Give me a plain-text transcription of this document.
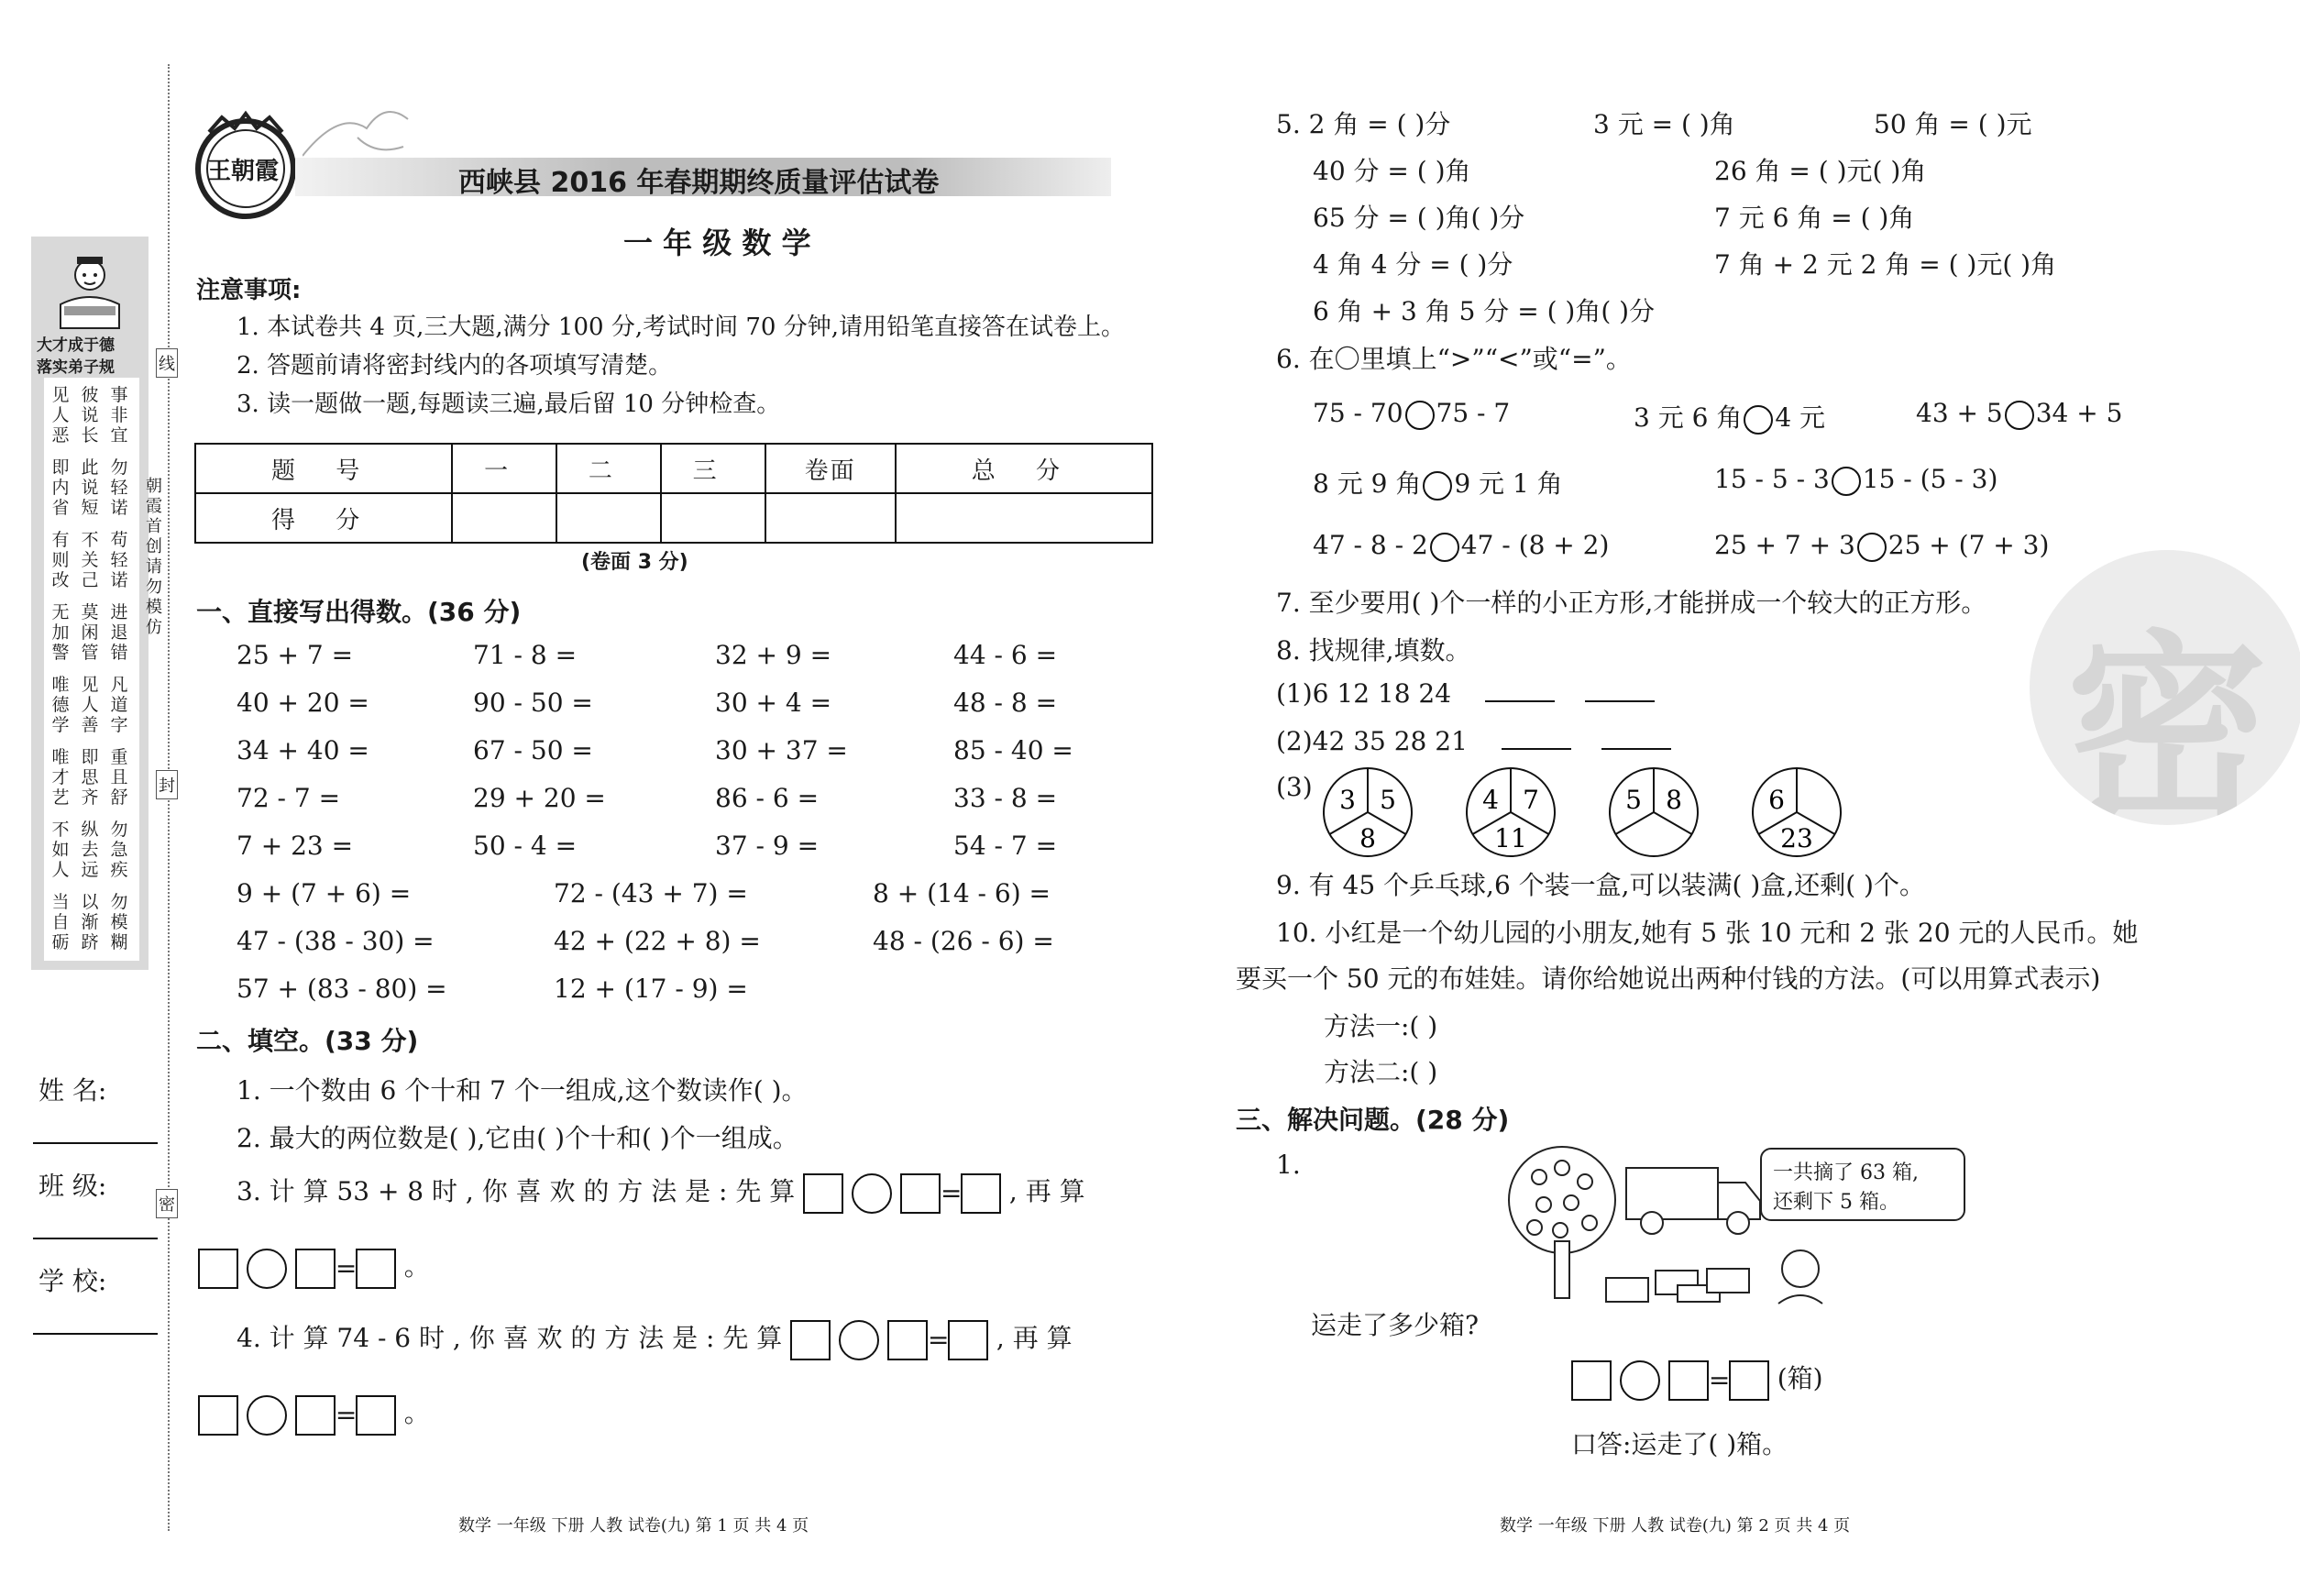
大才成于德
落实弟子规
见人恶
彼说长
事非宜
即内省
此说短
勿轻诺
有则改
不关己
苟轻诺
无加警
莫闲管
进退错
唯德学
见人善
凡道字
唯才艺
即思齐
重且舒
不如人
纵去远
勿急疾
当自砺
以渐跻
勿模糊
线
封
密
朝霞首创 请勿模仿
姓 名:
班 级:
学 校:
王朝霞	西峡县 2016 年春期期终质量评估试卷
一 年 级 数 学
注意事项:
1. 本试卷共 4 页,三大题,满分 100 分,考试时间 70 分钟,请用铅笔直接答在试卷上。
2. 答题前请将密封线内的各项填写清楚。
3. 读一题做一题,每题读三遍,最后留 10 分钟检查。
题 号	一	二	三	卷面	总 分
得 分					
(卷面 3 分)
一、直接写出得数。(36 分)
25 + 7 =	71 - 8 =	32 + 9 =	44 - 6 =
40 + 20 =	90 - 50 =	30 + 4 =	48 - 8 =
34 + 40 =	67 - 50 =	30 + 37 =	85 - 40 =
72 - 7 =	29 + 20 =	86 - 6 =	33 - 8 =
7 + 23 =	50 - 4 =	37 - 9 =	54 - 7 =
9 + (7 + 6) =	72 - (43 + 7) =	8 + (14 - 6) =
47 - (38 - 30) =	42 + (22 + 8) =	48 - (26 - 6) =
57 + (83 - 80) =	12 + (17 - 9) =
二、填空。(33 分)
1. 一个数由 6 个十和 7 个一组成,这个数读作( )。
2. 最大的两位数是( ),它由( )个十和( )个一组成。
3. 计 算 53 + 8 时 , 你 喜 欢 的 方 法 是 : 先 算	= , 再 算
= 。
4. 计 算 74 - 6 时 , 你 喜 欢 的 方 法 是 : 先 算	= , 再 算
= 。
数学 一年级 下册 人教 试卷(九) 第 1 页 共 4 页
密
5. 2 角 = ( )分	3 元 = ( )角	50 角 = ( )元
40 分 = ( )角	26 角 = ( )元( )角
65 分 = ( )角( )分	7 元 6 角 = ( )角
4 角 4 分 = ( )分	7 角 + 2 元 2 角 = ( )元( )角
6 角 + 3 角 5 分 = ( )角( )分
6. 在〇里填上“>”“<”或“=”。
75 - 70 75 - 7	3 元 6 角 4 元	43 + 5 34 + 5
8 元 9 角 9 元 1 角	15 - 5 - 3 15 - (5 - 3)
47 - 8 - 2 47 - (8 + 2)	25 + 7 + 3 25 + (7 + 3)
7. 至少要用( )个一样的小正方形,才能拼成一个较大的正方形。
8. 找规律,填数。
(1)6 12 18 24
(2)42 35 28 21
(3) 3 5
8
4 7
11
5 8	6
23
9. 有 45 个乒乓球,6 个装一盒,可以装满( )盒,还剩( )个。
10. 小红是一个幼儿园的小朋友,她有 5 张 10 元和 2 张 20 元的人民币。她
要买一个 50 元的布娃娃。请你给她说出两种付钱的方法。(可以用算式表示)
方法一:( )
方法二:( )
三、解决问题。(28 分)
1.	一共摘了 63 箱,
还剩下 5 箱。
运走了多少箱?
= (箱)
口答:运走了( )箱。
数学 一年级 下册 人教 试卷(九) 第 2 页 共 4 页
